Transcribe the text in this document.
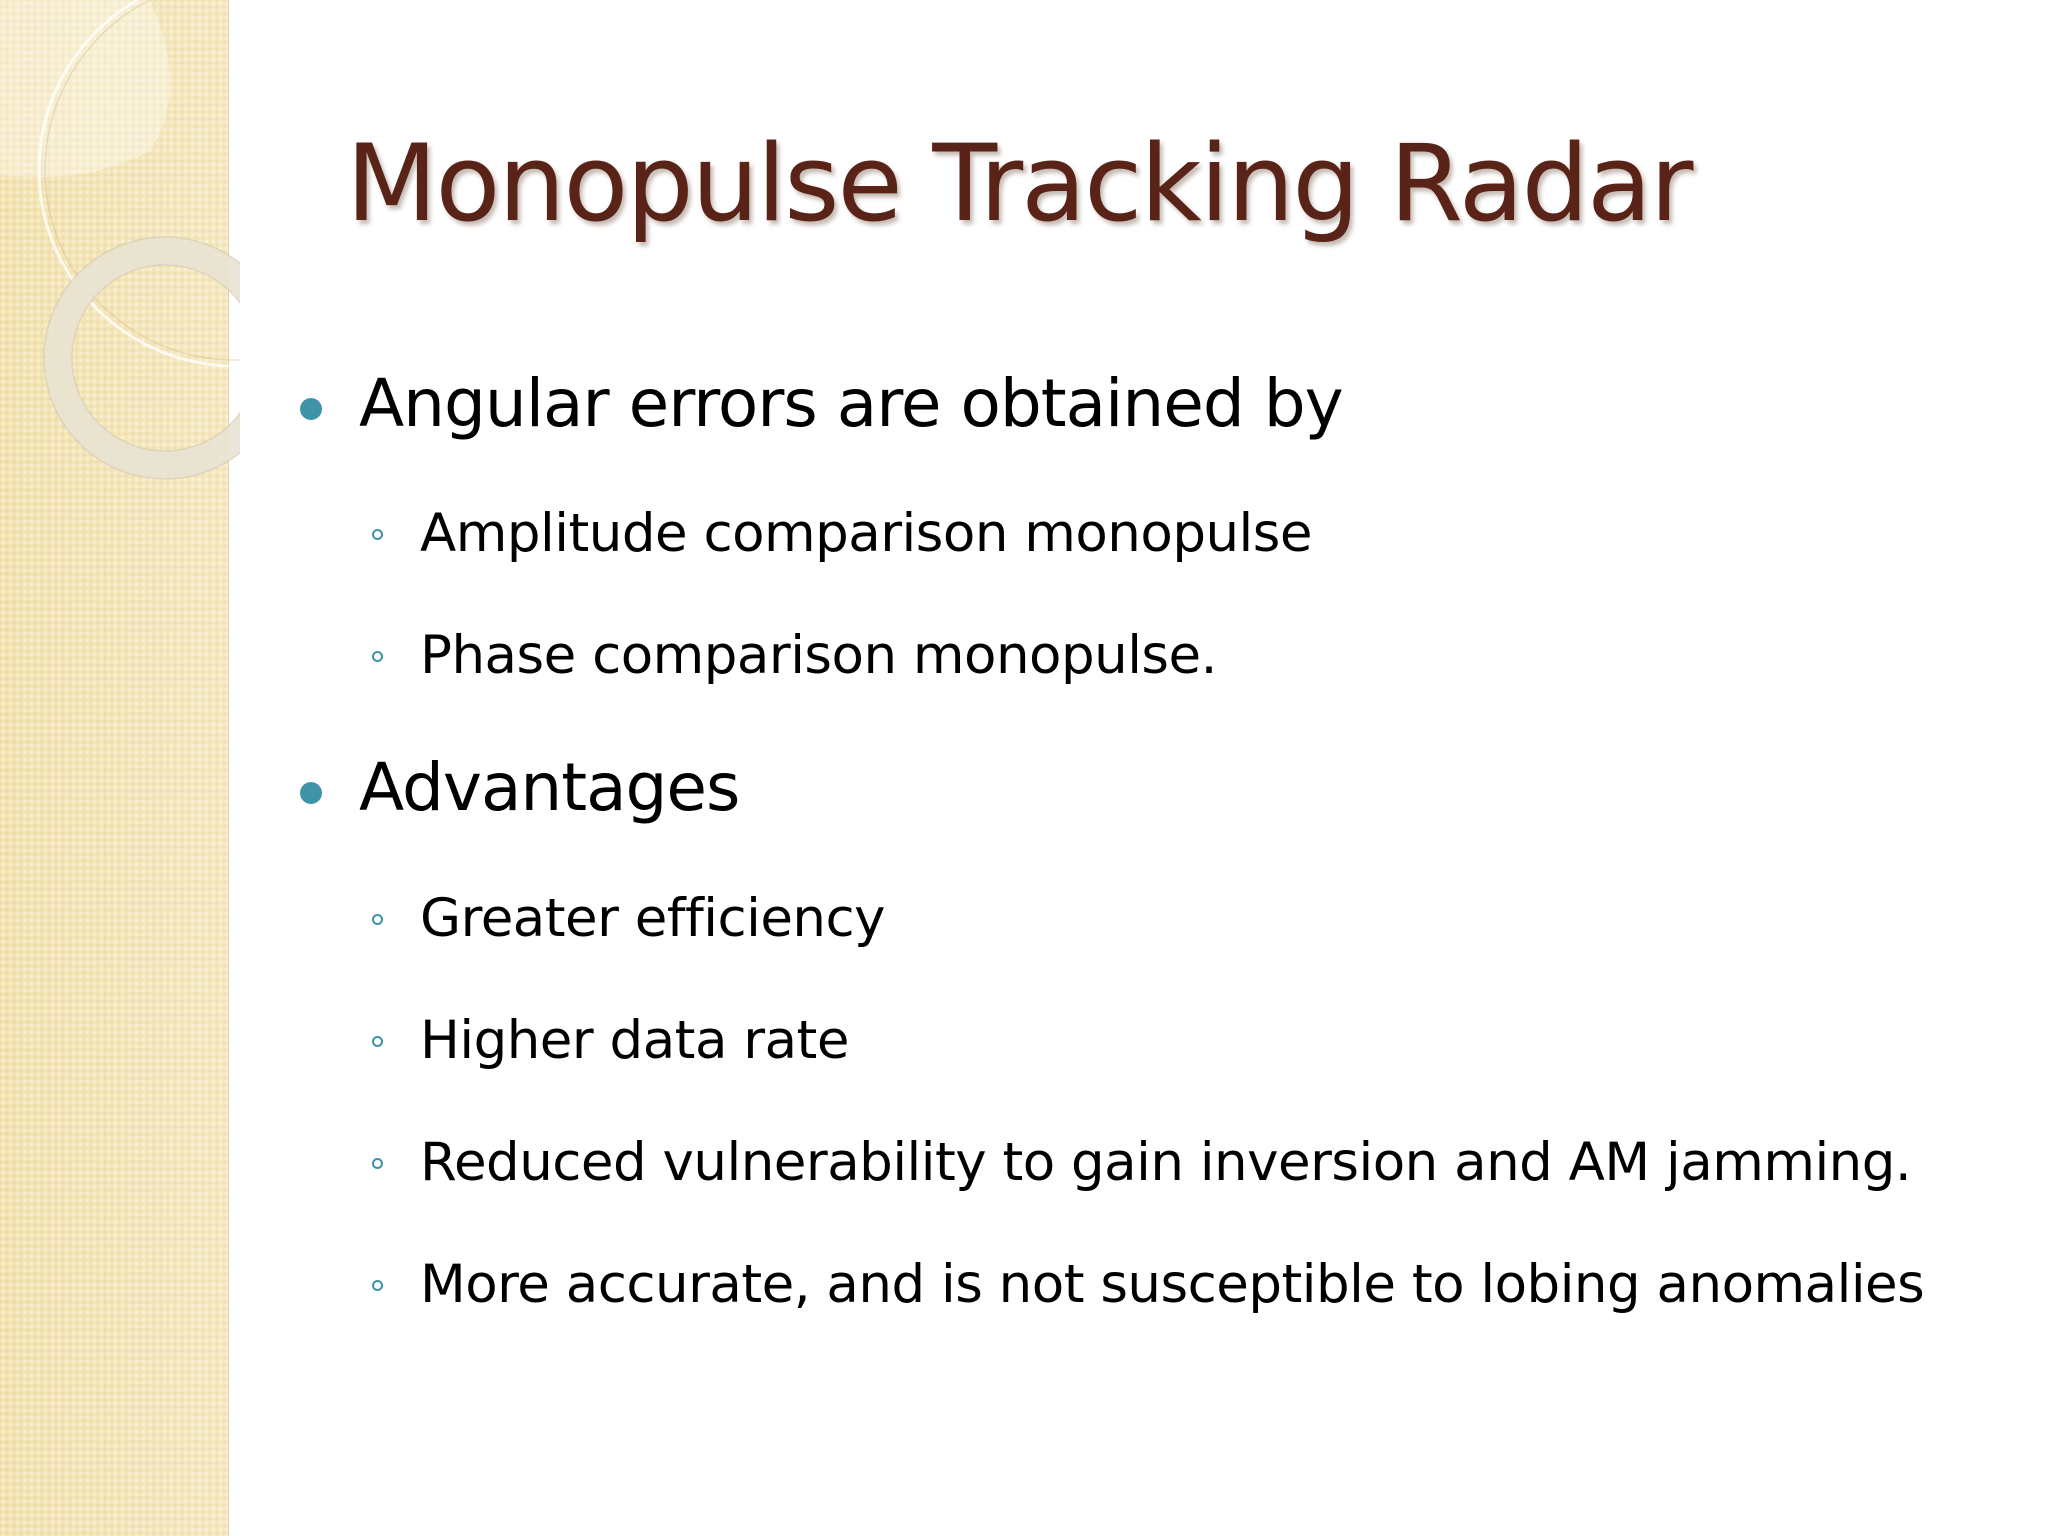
Monopulse Tracking Radar
Angular errors are obtained by
Amplitude comparison monopulse
Phase comparison monopulse.
Advantages
Greater efficiency
Higher data rate
Reduced vulnerability to gain inversion and AM jamming.
More accurate, and is not susceptible to lobing anomalies
